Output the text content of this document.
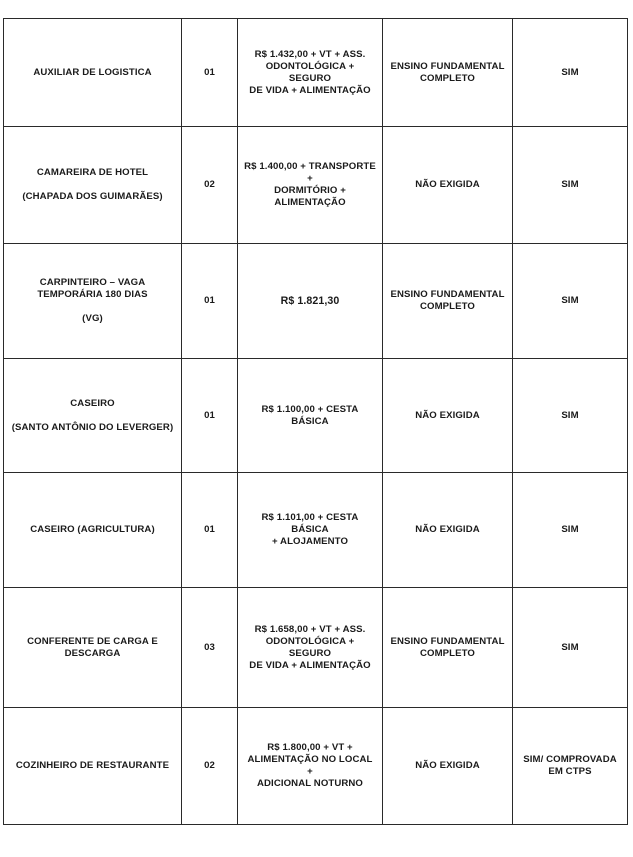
AUXILIAR DE LOGISTICA	01	R$ 1.432,00 + VT + ASS.
ODONTOLÓGICA + SEGURO
DE VIDA + ALIMENTAÇÃO	ENSINO FUNDAMENTAL
COMPLETO	SIM

CAMAREIRA DE HOTEL
(CHAPADA DOS GUIMARÃES)	02	R$ 1.400,00 + TRANSPORTE +
DORMITÓRIO +
ALIMENTAÇÃO	NÃO EXIGIDA	SIM

CARPINTEIRO – VAGA
TEMPORÁRIA 180 DIAS
(VG)	01	R$ 1.821,30	ENSINO FUNDAMENTAL
COMPLETO	SIM

CASEIRO
(SANTO ANTÔNIO DO LEVERGER)	01	R$ 1.100,00 + CESTA BÁSICA	NÃO EXIGIDA	SIM

CASEIRO (AGRICULTURA)	01	R$ 1.101,00 + CESTA BÁSICA
+ ALOJAMENTO	NÃO EXIGIDA	SIM

CONFERENTE DE CARGA E
DESCARGA	03	R$ 1.658,00 + VT + ASS.
ODONTOLÓGICA + SEGURO
DE VIDA + ALIMENTAÇÃO	ENSINO FUNDAMENTAL
COMPLETO	SIM

COZINHEIRO DE RESTAURANTE	02	R$ 1.800,00 + VT +
ALIMENTAÇÃO NO LOCAL +
ADICIONAL NOTURNO	NÃO EXIGIDA	SIM/ COMPROVADA
EM CTPS
